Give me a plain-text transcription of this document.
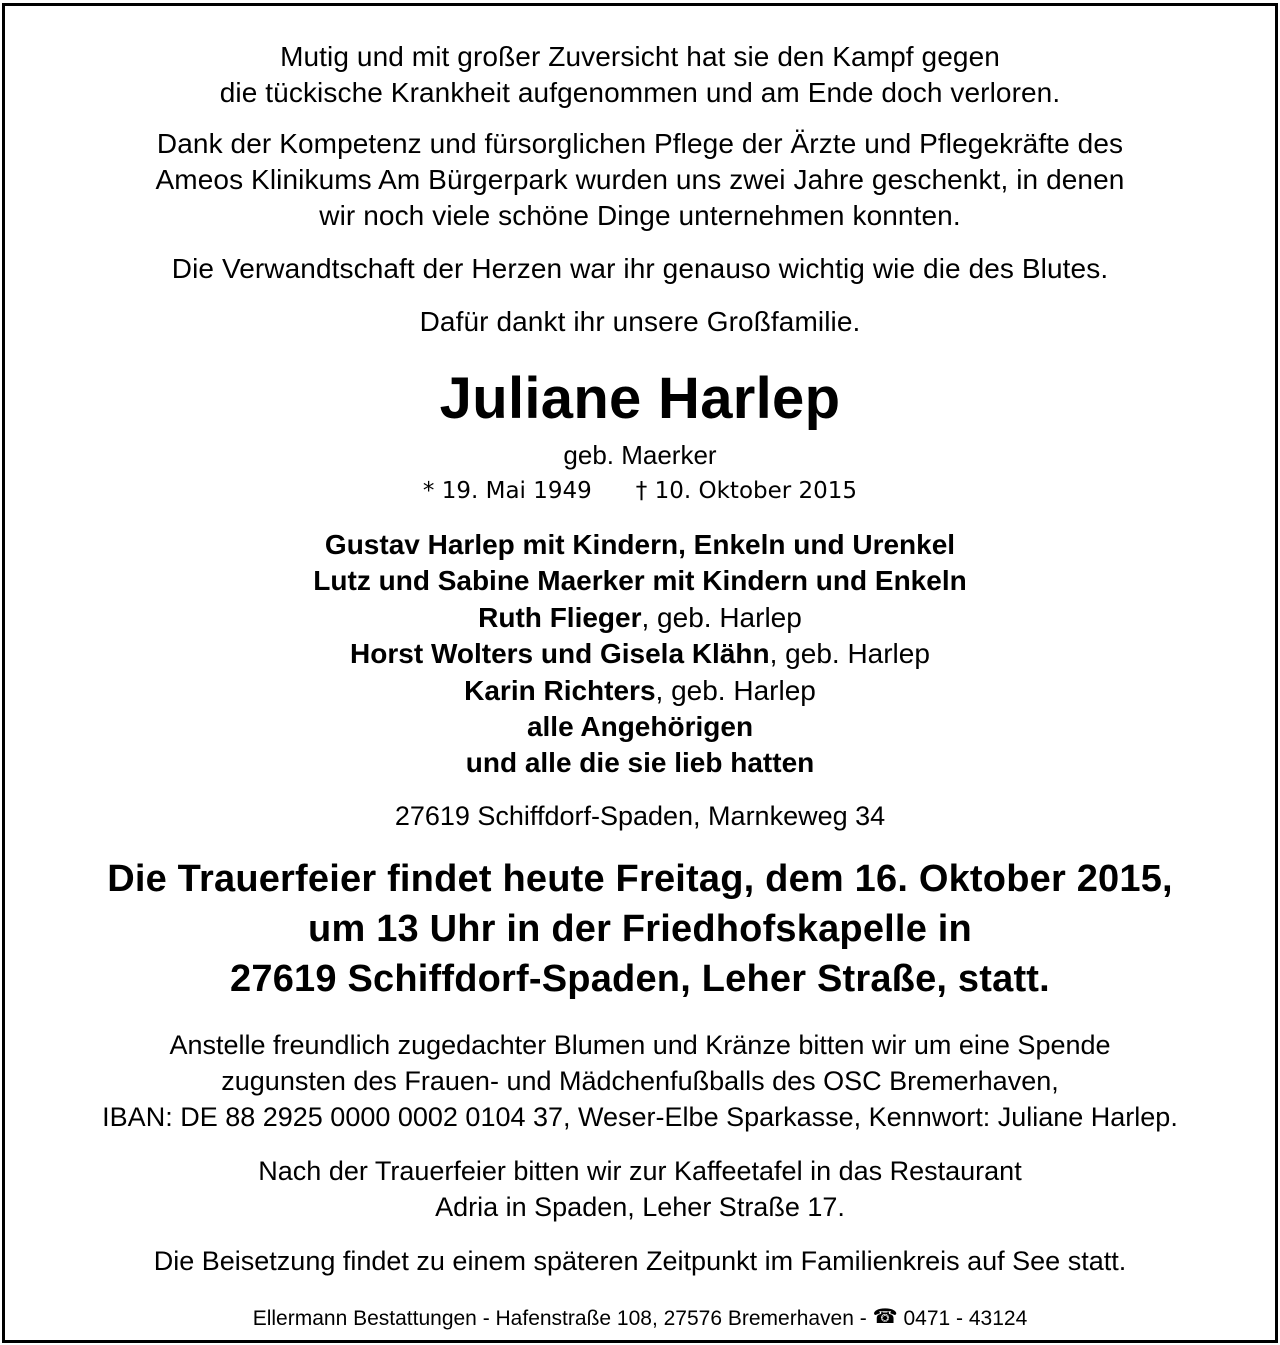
Mutig und mit großer Zuversicht hat sie den Kampf gegen
die tückische Krankheit aufgenommen und am Ende doch verloren.
Dank der Kompetenz und fürsorglichen Pflege der Ärzte und Pflegekräfte des
Ameos Klinikums Am Bürgerpark wurden uns zwei Jahre geschenkt, in denen
wir noch viele schöne Dinge unternehmen konnten.
Die Verwandtschaft der Herzen war ihr genauso wichtig wie die des Blutes.
Dafür dankt ihr unsere Großfamilie.
Juliane Harlep
geb. Maerker
* 19. Mai 1949 † 10. Oktober 2015
Gustav Harlep mit Kindern, Enkeln und Urenkel
Lutz und Sabine Maerker mit Kindern und Enkeln
Ruth Flieger, geb. Harlep
Horst Wolters und Gisela Klähn, geb. Harlep
Karin Richters, geb. Harlep
alle Angehörigen
und alle die sie lieb hatten
27619 Schiffdorf-Spaden, Marnkeweg 34
Die Trauerfeier findet heute Freitag, dem 16. Oktober 2015,
um 13 Uhr in der Friedhofskapelle in
27619 Schiffdorf-Spaden, Leher Straße, statt.
Anstelle freundlich zugedachter Blumen und Kränze bitten wir um eine Spende
zugunsten des Frauen- und Mädchenfußballs des OSC Bremerhaven,
IBAN: DE 88 2925 0000 0002 0104 37, Weser-Elbe Sparkasse, Kennwort: Juliane Harlep.
Nach der Trauerfeier bitten wir zur Kaffeetafel in das Restaurant
Adria in Spaden, Leher Straße 17.
Die Beisetzung findet zu einem späteren Zeitpunkt im Familienkreis auf See statt.
Ellermann Bestattungen - Hafenstraße 108, 27576 Bremerhaven - ☎ 0471 - 43124
